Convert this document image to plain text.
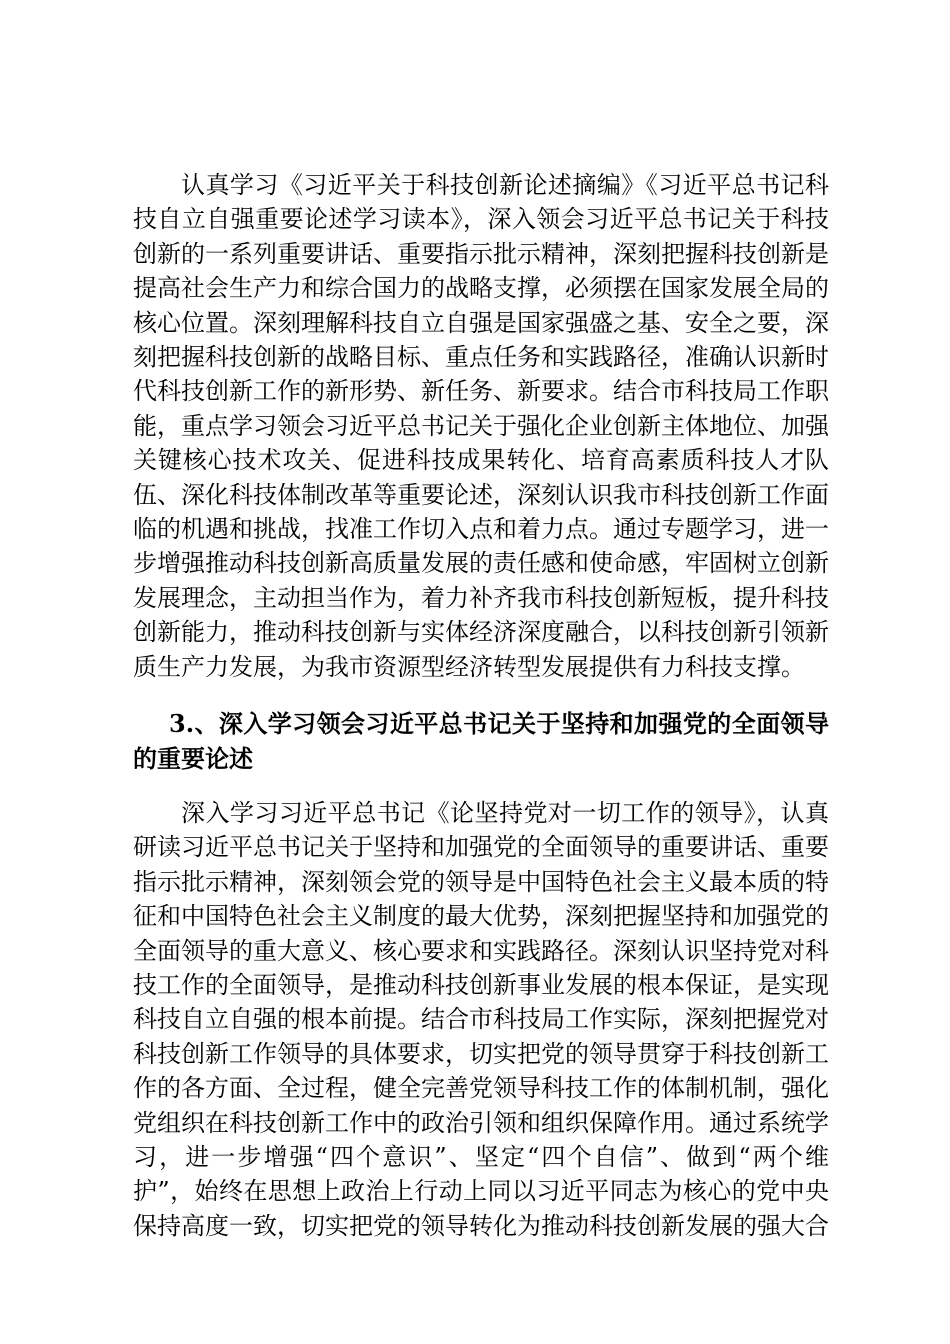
认真学习《习近平关于科技创新论述摘编》《习近平总书记科技自立自强重要论述学习读本》，深入领会习近平总书记关于科技创新的一系列重要讲话、重要指示批示精神，深刻把握科技创新是提高社会生产力和综合国力的战略支撑，必须摆在国家发展全局的核心位置。深刻理解科技自立自强是国家强盛之基、安全之要，深刻把握科技创新的战略目标、重点任务和实践路径，准确认识新时代科技创新工作的新形势、新任务、新要求。结合市科技局工作职能，重点学习领会习近平总书记关于强化企业创新主体地位、加强关键核心技术攻关、促进科技成果转化、培育高素质科技人才队伍、深化科技体制改革等重要论述，深刻认识我市科技创新工作面临的机遇和挑战，找准工作切入点和着力点。通过专题学习，进一步增强推动科技创新高质量发展的责任感和使命感，牢固树立创新发展理念，主动担当作为，着力补齐我市科技创新短板，提升科技创新能力，推动科技创新与实体经济深度融合，以科技创新引领新质生产力发展，为我市资源型经济转型发展提供有力科技支撑。

3.、深入学习领会习近平总书记关于坚持和加强党的全面领导的重要论述

深入学习习近平总书记《论坚持党对一切工作的领导》，认真研读习近平总书记关于坚持和加强党的全面领导的重要讲话、重要指示批示精神，深刻领会党的领导是中国特色社会主义最本质的特征和中国特色社会主义制度的最大优势，深刻把握坚持和加强党的全面领导的重大意义、核心要求和实践路径。深刻认识坚持党对科技工作的全面领导，是推动科技创新事业发展的根本保证，是实现科技自立自强的根本前提。结合市科技局工作实际，深刻把握党对科技创新工作领导的具体要求，切实把党的领导贯穿于科技创新工作的各方面、全过程，健全完善党领导科技工作的体制机制，强化党组织在科技创新工作中的政治引领和组织保障作用。通过系统学习，进一步增强“四个意识”、坚定“四个自信”、做到“两个维护”，始终在思想上政治上行动上同以习近平同志为核心的党中央保持高度一致，切实把党的领导转化为推动科技创新发展的强大合
